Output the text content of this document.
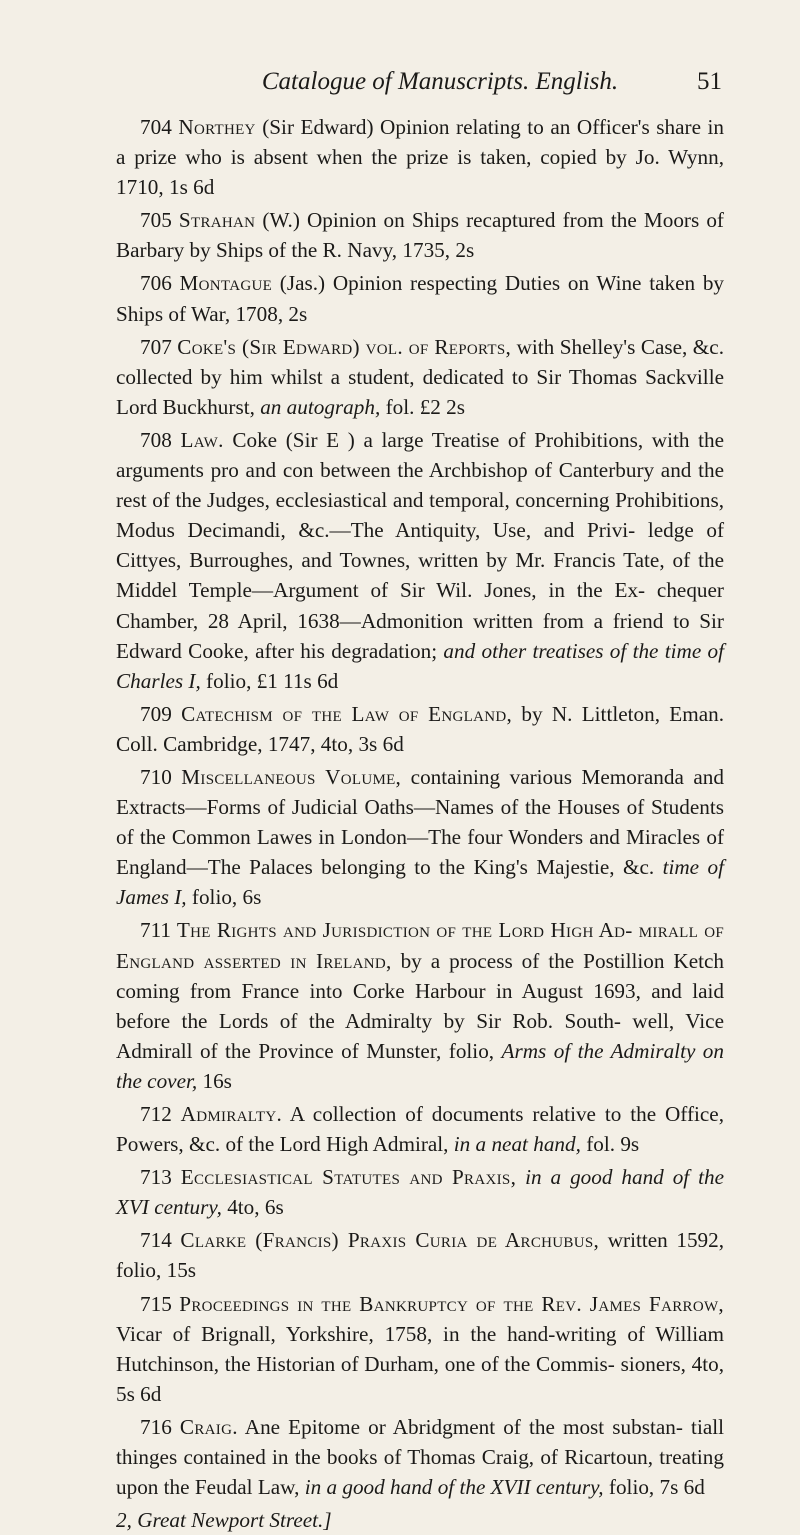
Catalogue of Manuscripts. English.	51

704 Northey (Sir Edward) Opinion relating to an Officer's share in a prize who is absent when the prize is taken, copied by Jo. Wynn, 1710, 1s 6d

705 Strahan (W.) Opinion on Ships recaptured from the Moors of Barbary by Ships of the R. Navy, 1735, 2s

706 Montague (Jas.) Opinion respecting Duties on Wine taken by Ships of War, 1708, 2s

707 Coke's (Sir Edward) vol. of Reports, with Shelley's Case, &c. collected by him whilst a student, dedicated to Sir Thomas Sackville Lord Buckhurst, an autograph, fol. £2 2s

708 Law. Coke (Sir E ) a large Treatise of Prohibitions, with the arguments pro and con between the Archbishop of Canterbury and the rest of the Judges, ecclesiastical and temporal, concerning Prohibitions, Modus Decimandi, &c.—The Antiquity, Use, and Privi- ledge of Cittyes, Burroughes, and Townes, written by Mr. Francis Tate, of the Middel Temple—Argument of Sir Wil. Jones, in the Ex- chequer Chamber, 28 April, 1638—Admonition written from a friend to Sir Edward Cooke, after his degradation; and other treatises of the time of Charles I, folio, £1 11s 6d

709 Catechism of the Law of England, by N. Littleton, Eman. Coll. Cambridge, 1747, 4to, 3s 6d

710 Miscellaneous Volume, containing various Memoranda and Extracts—Forms of Judicial Oaths—Names of the Houses of Students of the Common Lawes in London—The four Wonders and Miracles of England—The Palaces belonging to the King's Majestie, &c. time of James I, folio, 6s

711 The Rights and Jurisdiction of the Lord High Ad- mirall of England asserted in Ireland, by a process of the Postillion Ketch coming from France into Corke Harbour in August 1693, and laid before the Lords of the Admiralty by Sir Rob. South- well, Vice Admirall of the Province of Munster, folio, Arms of the Admiralty on the cover, 16s

712 Admiralty. A collection of documents relative to the Office, Powers, &c. of the Lord High Admiral, in a neat hand, fol. 9s

713 Ecclesiastical Statutes and Praxis, in a good hand of the XVI century, 4to, 6s

714 Clarke (Francis) Praxis Curia de Archubus, written 1592, folio, 15s

715 Proceedings in the Bankruptcy of the Rev. James Farrow, Vicar of Brignall, Yorkshire, 1758, in the hand-writing of William Hutchinson, the Historian of Durham, one of the Commis- sioners, 4to, 5s 6d

716 Craig. Ane Epitome or Abridgment of the most substan- tiall thinges contained in the books of Thomas Craig, of Ricartoun, treating upon the Feudal Law, in a good hand of the XVII century, folio, 7s 6d

2, Great Newport Street.]
